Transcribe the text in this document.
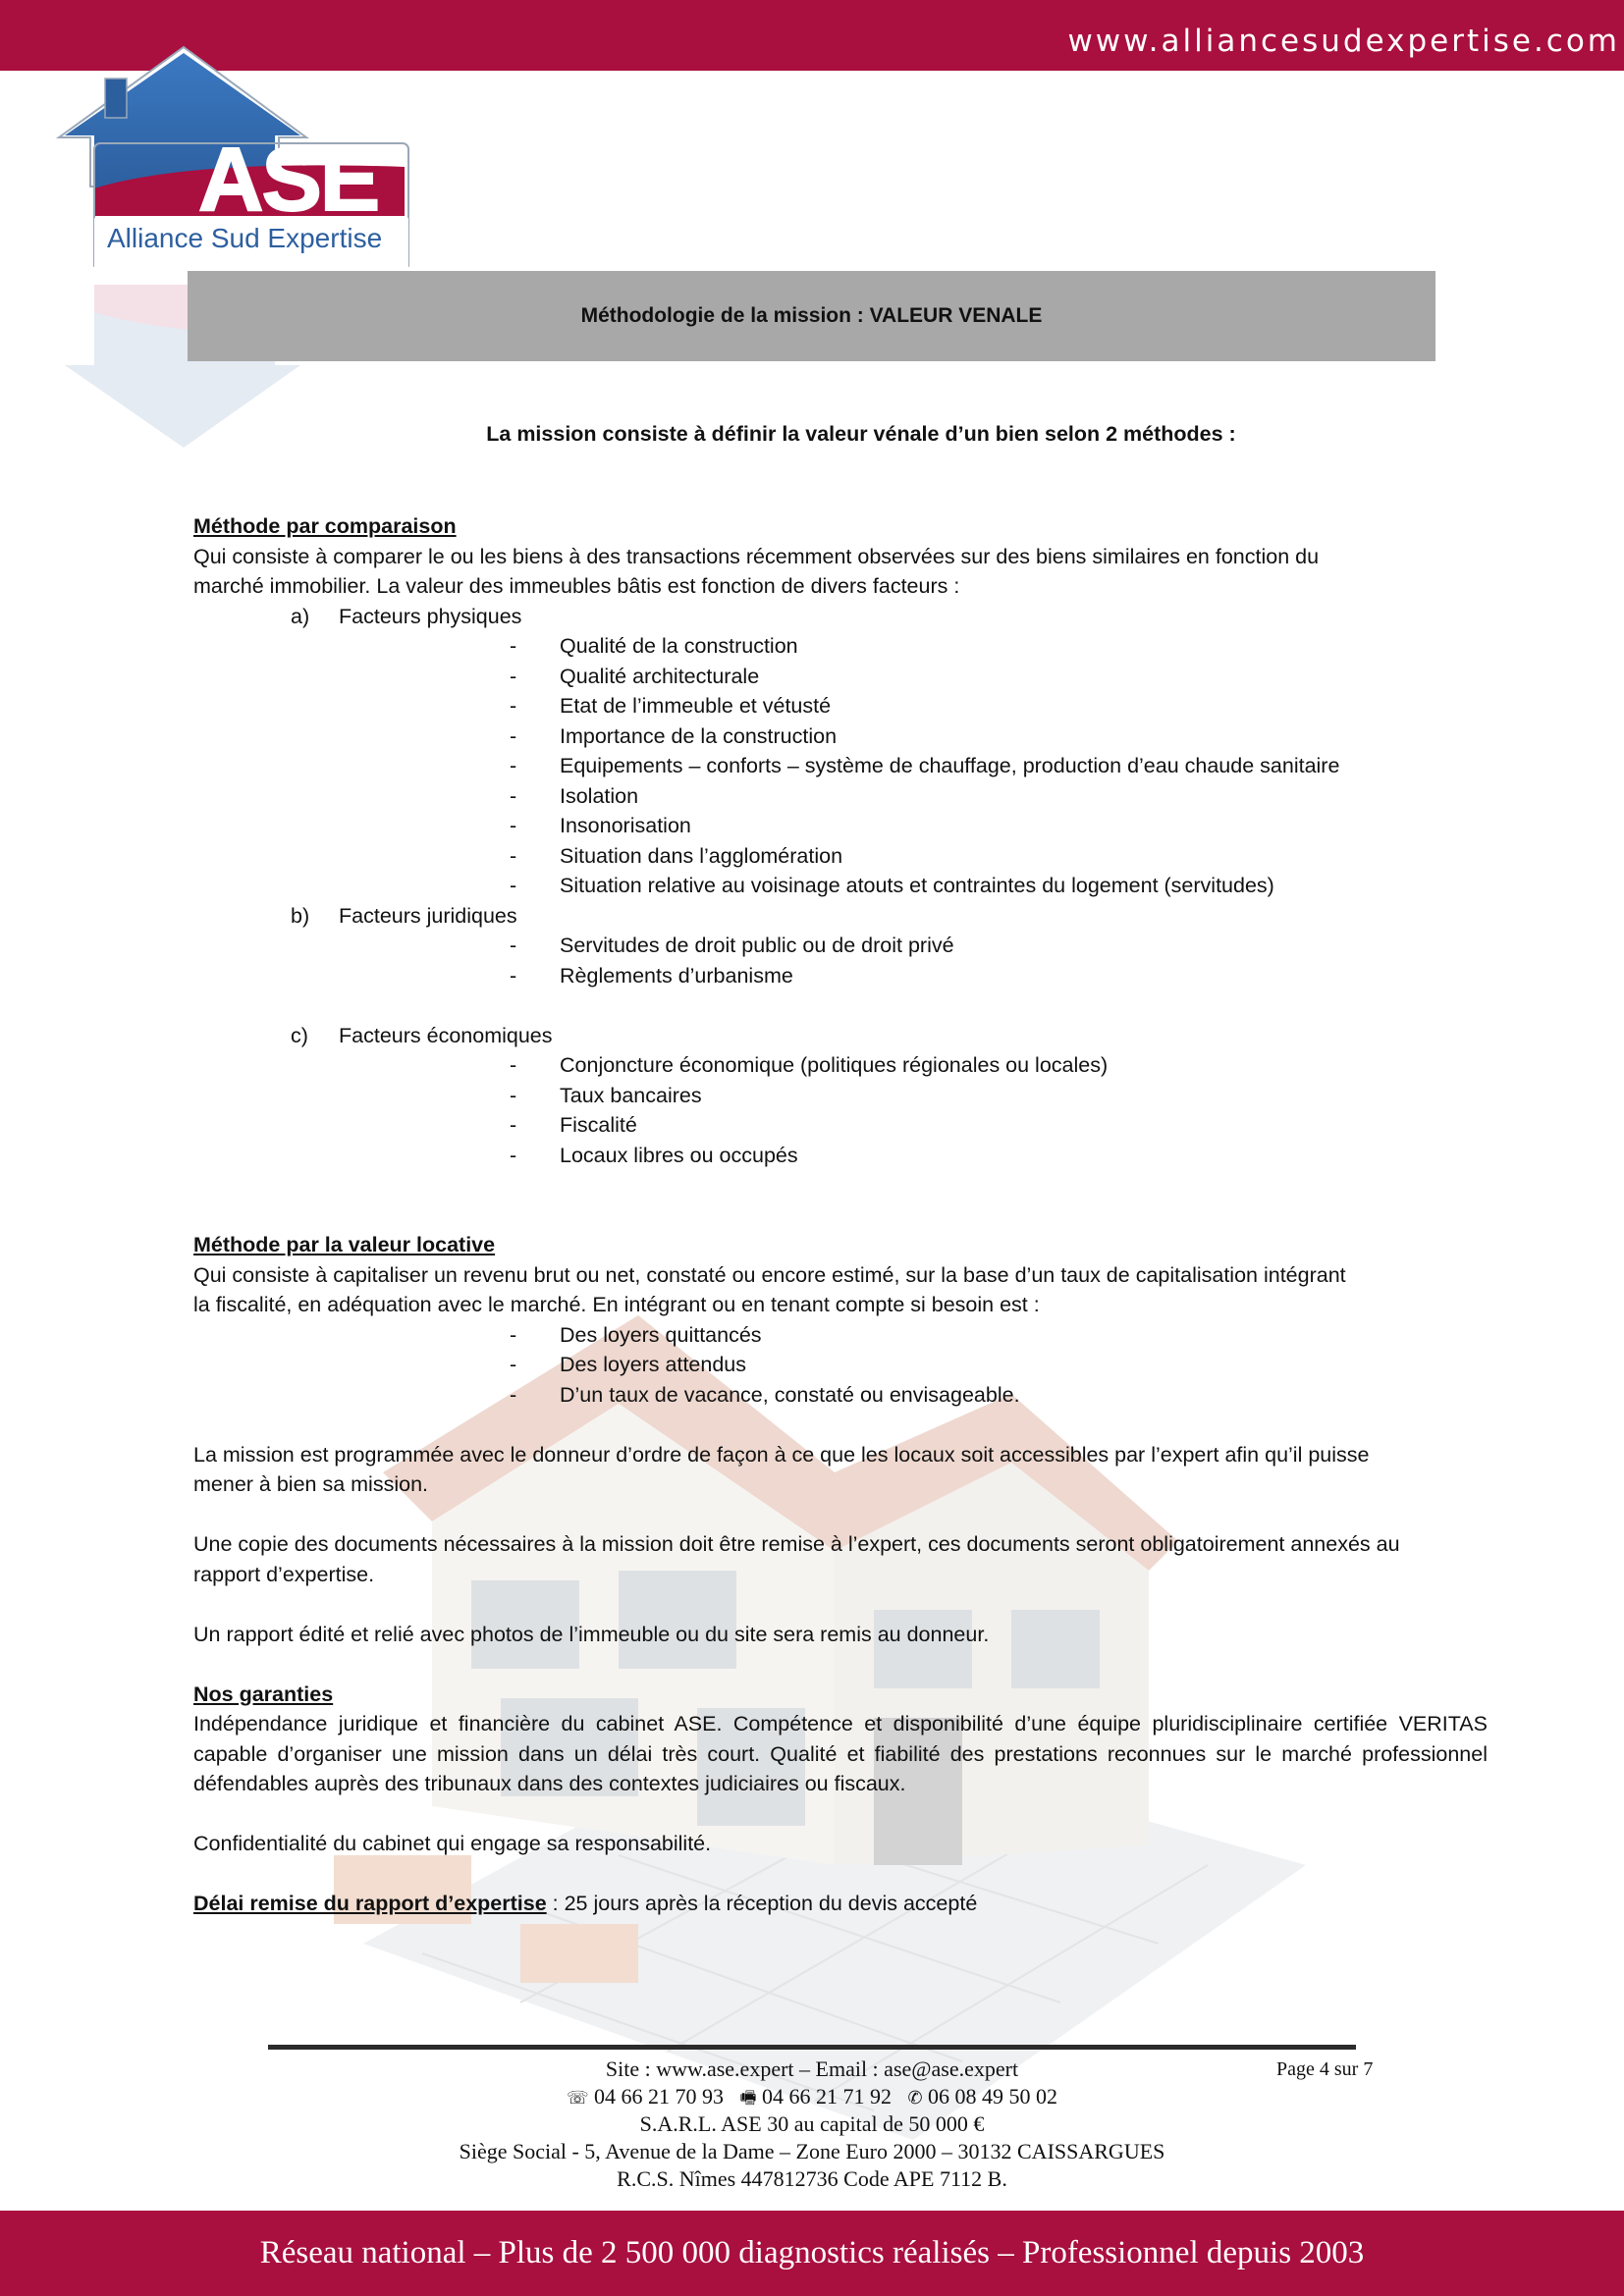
www.alliancesudexpertise.com
ASE
Alliance Sud Expertise
Méthodologie de la mission : VALEUR VENALE
La mission consiste à définir la valeur vénale d’un bien selon 2 méthodes :
Méthode par comparaison
Qui consiste à comparer le ou les biens à des transactions récemment observées sur des biens similaires en fonction du
marché immobilier. La valeur des immeubles bâtis est fonction de divers facteurs :
a) Facteurs physiques
- Qualité de la construction
- Qualité architecturale
- Etat de l’immeuble et vétusté
- Importance de la construction
- Equipements – conforts – système de chauffage, production d’eau chaude sanitaire
- Isolation
- Insonorisation
- Situation dans l’agglomération
- Situation relative au voisinage atouts et contraintes du logement (servitudes)
b) Facteurs juridiques
- Servitudes de droit public ou de droit privé
- Règlements d’urbanisme
c) Facteurs économiques
- Conjoncture économique (politiques régionales ou locales)
- Taux bancaires
- Fiscalité
- Locaux libres ou occupés
Méthode par la valeur locative
Qui consiste à capitaliser un revenu brut ou net, constaté ou encore estimé, sur la base d’un taux de capitalisation intégrant
la fiscalité, en adéquation avec le marché. En intégrant ou en tenant compte si besoin est :
- Des loyers quittancés
- Des loyers attendus
- D’un taux de vacance, constaté ou envisageable.
La mission est programmée avec le donneur d’ordre de façon à ce que les locaux soit accessibles par l’expert afin qu’il puisse
mener à bien sa mission.
Une copie des documents nécessaires à la mission doit être remise à l’expert, ces documents seront obligatoirement annexés au
rapport d’expertise.
Un rapport édité et relié avec photos de l’immeuble ou du site sera remis au donneur.
Nos garanties
Indépendance juridique et financière du cabinet ASE. Compétence et disponibilité d’une équipe pluridisciplinaire certifiée VERITAS capable d’organiser une mission dans un délai très court. Qualité et fiabilité des prestations reconnues sur le marché professionnel défendables auprès des tribunaux dans des contextes judiciaires ou fiscaux.
Confidentialité du cabinet qui engage sa responsabilité.
Délai remise du rapport d’expertise : 25 jours après la réception du devis accepté
Site : www.ase.expert – Email : ase@ase.expert	Page 4 sur 7
☏ 04 66 21 70 93 🖷 04 66 21 71 92 ✆ 06 08 49 50 02
S.A.R.L. ASE 30 au capital de 50 000 €
Siège Social - 5, Avenue de la Dame – Zone Euro 2000 – 30132 CAISSARGUES
R.C.S. Nîmes 447812736 Code APE 7112 B.
Réseau national – Plus de 2 500 000 diagnostics réalisés – Professionnel depuis 2003
